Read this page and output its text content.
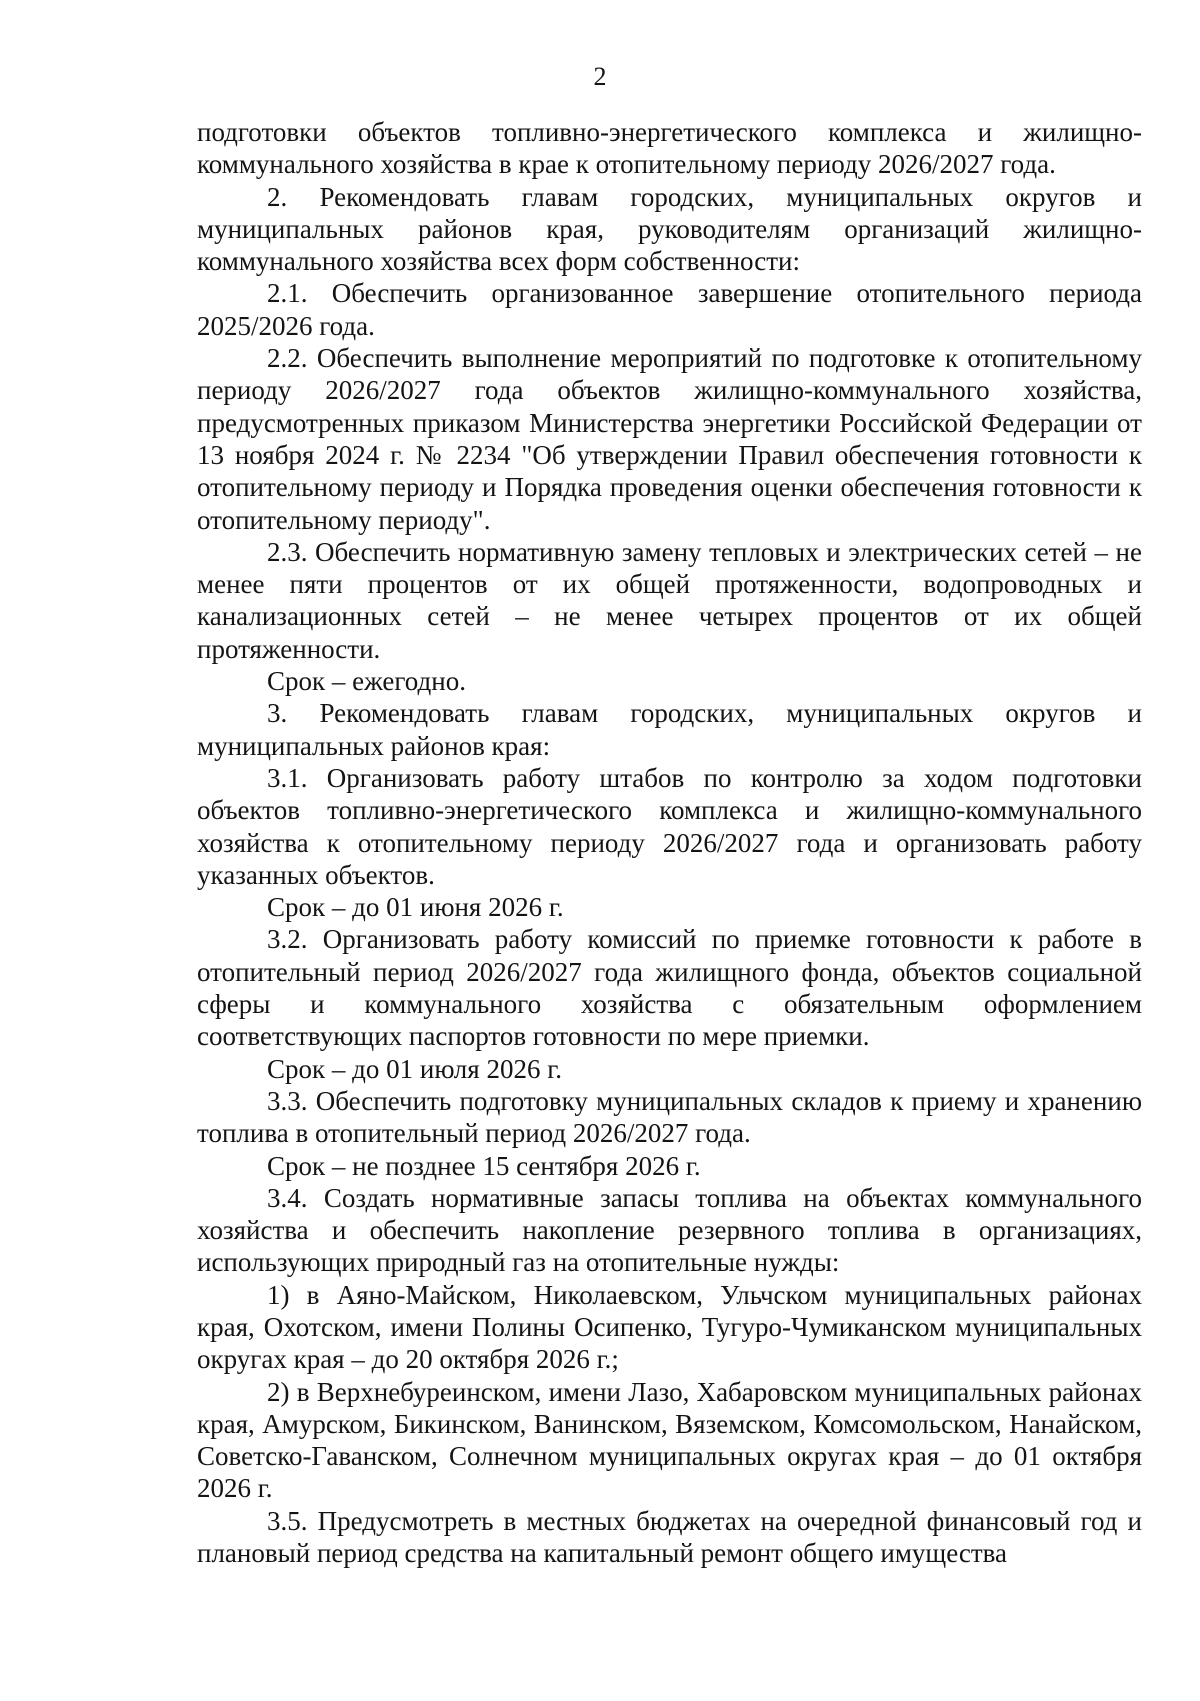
2

подготовки объектов топливно-энергетического комплекса и жилищно-коммунального хозяйства в крае к отопительному периоду 2026/2027 года.

2. Рекомендовать главам городских, муниципальных округов и муниципальных районов края, руководителям организаций жилищно-коммунального хозяйства всех форм собственности:

2.1. Обеспечить организованное завершение отопительного периода 2025/2026 года.

2.2. Обеспечить выполнение мероприятий по подготовке к отопительному периоду 2026/2027 года объектов жилищно-коммунального хозяйства, предусмотренных приказом Министерства энергетики Российской Федерации от 13 ноября 2024 г. № 2234 "Об утверждении Правил обеспечения готовности к отопительному периоду и Порядка проведения оценки обеспечения готовности к отопительному периоду".

2.3. Обеспечить нормативную замену тепловых и электрических сетей – не менее пяти процентов от их общей протяженности, водопроводных и канализационных сетей – не менее четырех процентов от их общей протяженности.

Срок – ежегодно.

3. Рекомендовать главам городских, муниципальных округов и муниципальных районов края:

3.1. Организовать работу штабов по контролю за ходом подготовки объектов топливно-энергетического комплекса и жилищно-коммунального хозяйства к отопительному периоду 2026/2027 года и организовать работу указанных объектов.

Срок – до 01 июня 2026 г.

3.2. Организовать работу комиссий по приемке готовности к работе в отопительный период 2026/2027 года жилищного фонда, объектов социальной сферы и коммунального хозяйства с обязательным оформлением соответствующих паспортов готовности по мере приемки.

Срок – до 01 июля 2026 г.

3.3. Обеспечить подготовку муниципальных складов к приему и хранению топлива в отопительный период 2026/2027 года.

Срок – не позднее 15 сентября 2026 г.

3.4. Создать нормативные запасы топлива на объектах коммунального хозяйства и обеспечить накопление резервного топлива в организациях, использующих природный газ на отопительные нужды:

1) в Аяно-Майском, Николаевском, Ульчском муниципальных районах края, Охотском, имени Полины Осипенко, Тугуро-Чумиканском муниципальных округах края – до 20 октября 2026 г.;

2) в Верхнебуреинском, имени Лазо, Хабаровском муниципальных районах края, Амурском, Бикинском, Ванинском, Вяземском, Комсомольском, Нанайском, Советско-Гаванском, Солнечном муниципальных округах края – до 01 октября 2026 г.

3.5. Предусмотреть в местных бюджетах на очередной финансовый год и плановый период средства на капитальный ремонт общего имущества
